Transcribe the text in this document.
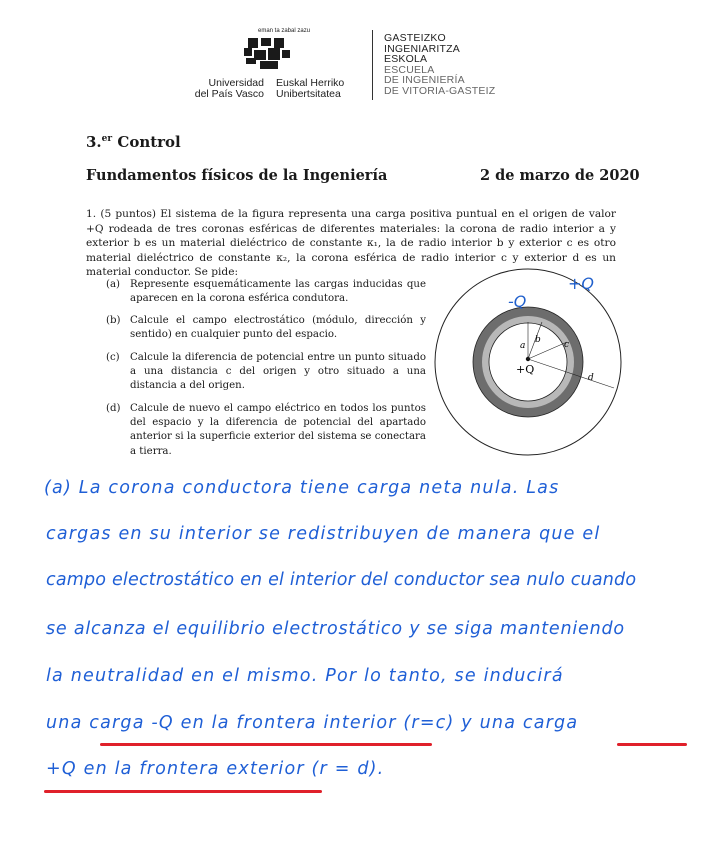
eman ta zabal zazu
Universidad
del País Vasco
Euskal Herriko
Unibertsitatea
GASTEIZKO
INGENIARITZA
ESKOLA
ESCUELA
DE INGENIERÍA
DE VITORIA-GASTEIZ
3.$^{er}$ Control
Fundamentos físicos de la Ingeniería	2 de marzo de 2020
1. (5 puntos) El sistema de la figura representa una carga positiva puntual en el origen de valor +Q rodeada de tres coronas esféricas de diferentes materiales: la corona de radio interior a y exterior b es un material dieléctrico de constante κ₁, la de radio interior b y exterior c es otro material dieléctrico de constante κ₂, la corona esférica de radio interior c y exterior d es un material conductor. Se pide:
(a) Represente esquemáticamente las cargas inducidas que aparecen en la corona esférica condutora.
(b) Calcule el campo electrostático (módulo, dirección y sentido) en cualquier punto del espacio.
(c) Calcule la diferencia de potencial entre un punto situado a una distancia c del origen y otro situado a una distancia a del origen.
(d) Calcule de nuevo el campo eléctrico en todos los puntos del espacio y la diferencia de potencial del apartado anterior si la superficie exterior del sistema se conectara a tierra.
a
b	c
d
+Q
+Q
-Q
(a) La corona conductora tiene carga neta nula. Las
cargas en su interior se redistribuyen de manera que el
campo electrostático en el interior del conductor sea nulo cuando
se alcanza el equilibrio electrostático y se siga manteniendo
la neutralidad en el mismo. Por lo tanto, se inducirá
una carga -Q en la frontera interior (r=c) y una carga
+Q en la frontera exterior (r = d).
